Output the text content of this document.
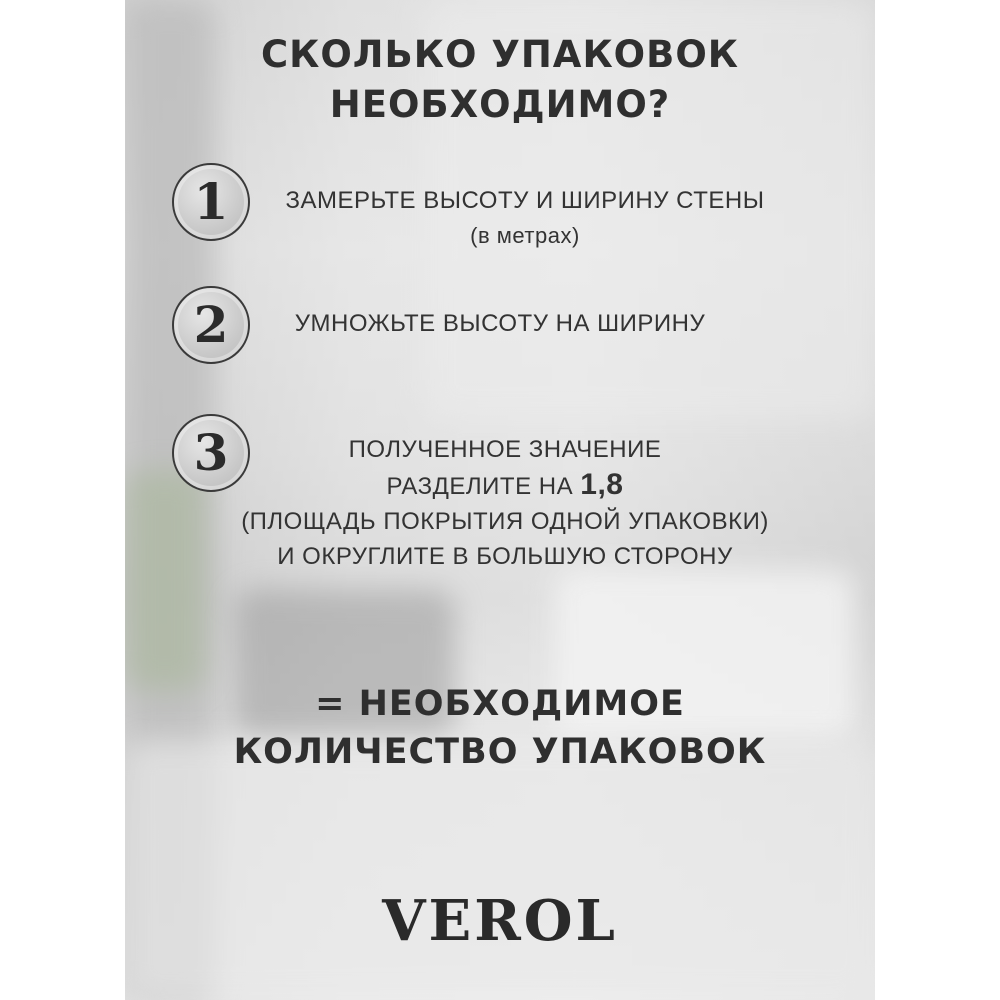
СКОЛЬКО УПАКОВОК
НЕОБХОДИМО?
1	ЗАМЕРЬТЕ ВЫСОТУ И ШИРИНУ СТЕНЫ
(в метрах)
2	УМНОЖЬТЕ ВЫСОТУ НА ШИРИНУ
3	ПОЛУЧЕННОЕ ЗНАЧЕНИЕ
РАЗДЕЛИТЕ НА 1,8
(ПЛОЩАДЬ ПОКРЫТИЯ ОДНОЙ УПАКОВКИ)
И ОКРУГЛИТЕ В БОЛЬШУЮ СТОРОНУ
= НЕОБХОДИМОЕ
КОЛИЧЕСТВО УПАКОВОК
VEROL
